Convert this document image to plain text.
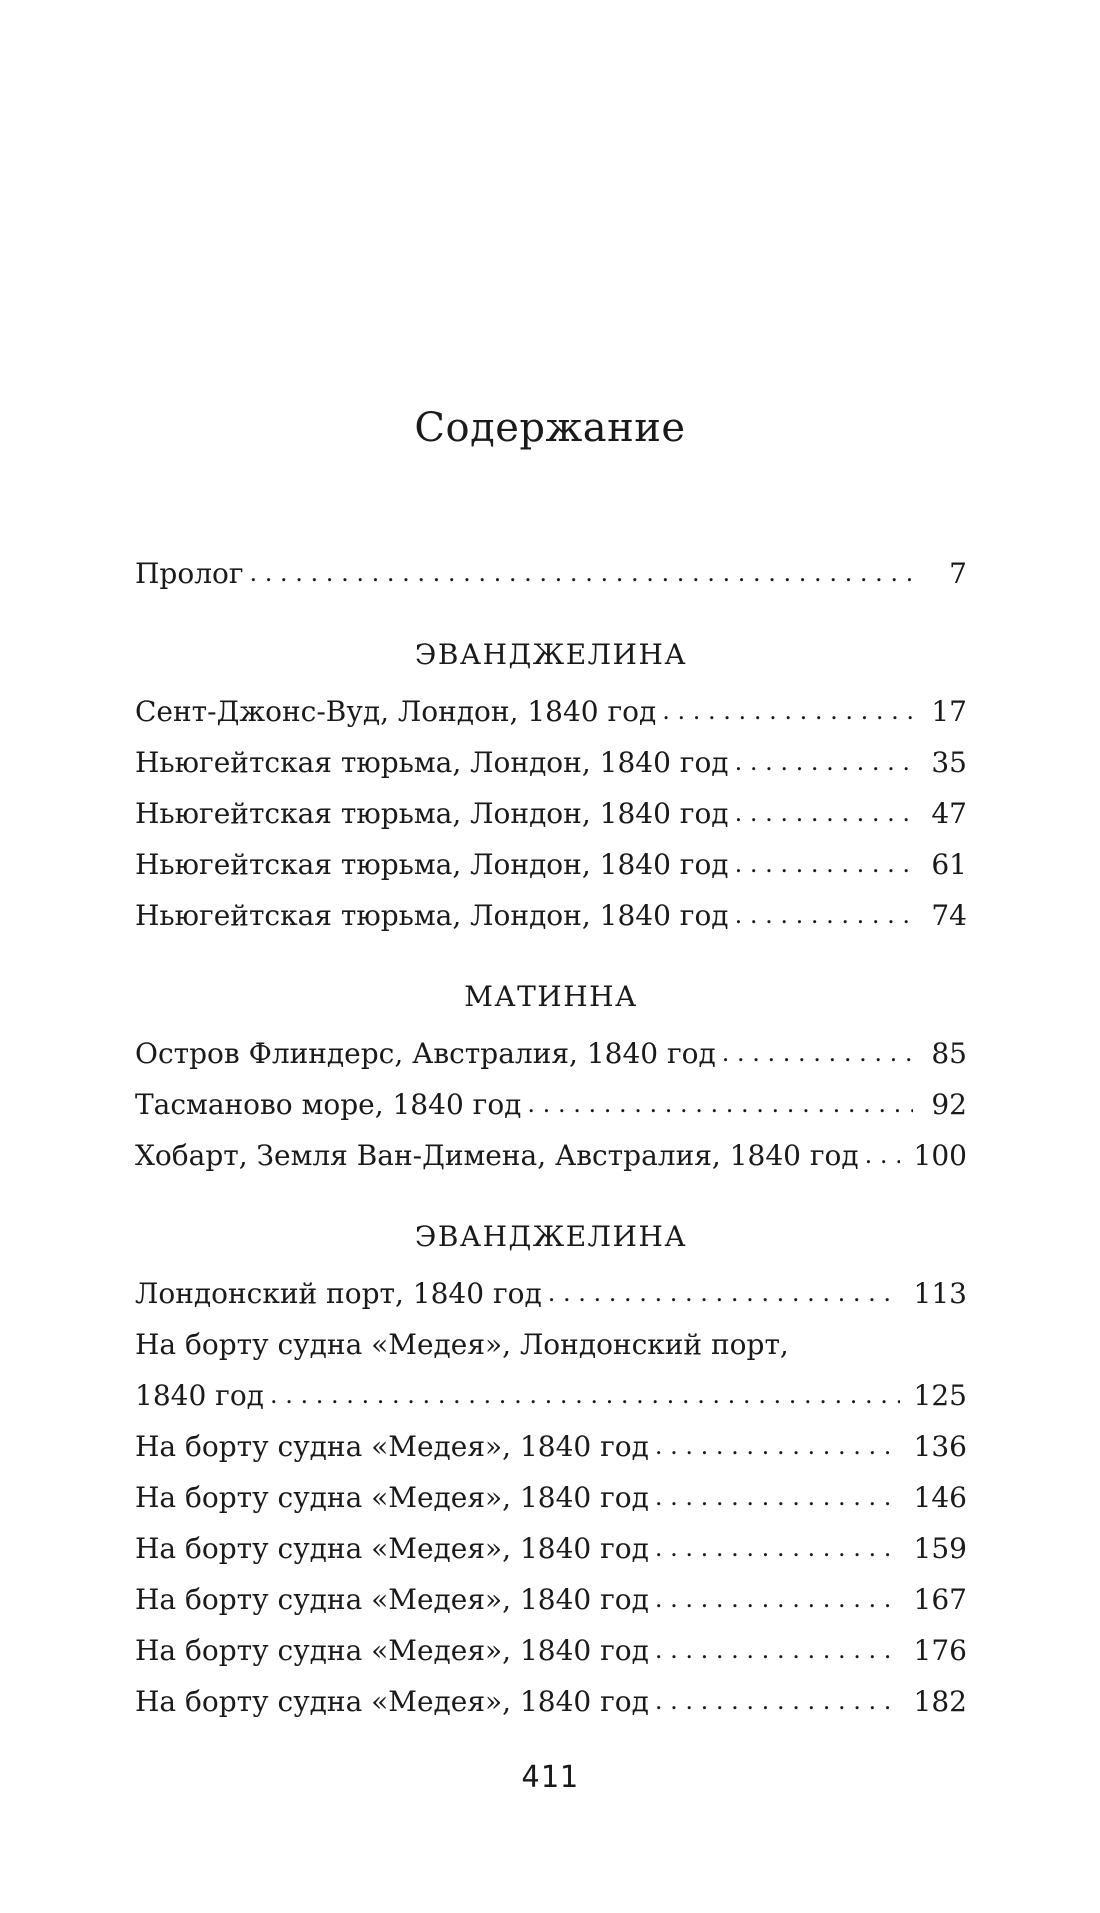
Содержание
Пролог . . .	7
ЭВАНДЖЕЛИНА
Сент-Джонс-Вуд, Лондон, 1840 год . . .	17
Ньюгейтская тюрьма, Лондон, 1840 год . . .	35
Ньюгейтская тюрьма, Лондон, 1840 год . . .	47
Ньюгейтская тюрьма, Лондон, 1840 год . . .	61
Ньюгейтская тюрьма, Лондон, 1840 год . . .	74
МАТИННА
Остров Флиндерс, Австралия, 1840 год . . .	85
Тасманово море, 1840 год . . .	92
Хобарт, Земля Ван-Димена, Австралия, 1840 год . . .	100
ЭВАНДЖЕЛИНА
Лондонский порт, 1840 год . . .	113
На борту судна «Медея», Лондонский порт,
1840 год . . .	125
На борту судна «Медея», 1840 год . . .	136
На борту судна «Медея», 1840 год . . .	146
На борту судна «Медея», 1840 год . . .	159
На борту судна «Медея», 1840 год . . .	167
На борту судна «Медея», 1840 год . . .	176
На борту судна «Медея», 1840 год . . .	182
411
